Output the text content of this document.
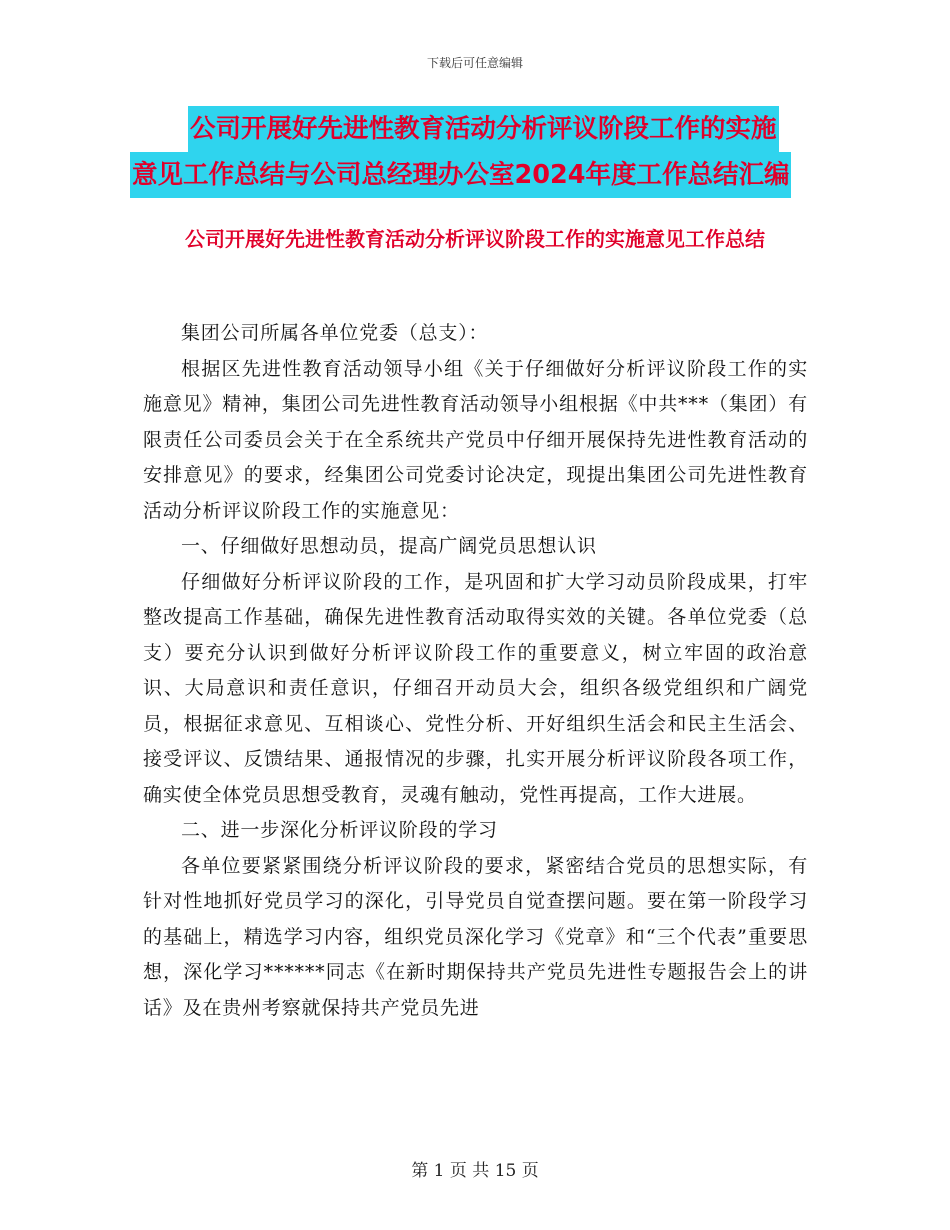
下载后可任意编辑
公司开展好先进性教育活动分析评议阶段工作的实施
意见工作总结与公司总经理办公室2024年度工作总结汇编
公司开展好先进性教育活动分析评议阶段工作的实施意见工作总结

集团公司所属各单位党委（总支）：

根据区先进性教育活动领导小组《关于仔细做好分析评议阶段工作的实施意见》精神，集团公司先进性教育活动领导小组根据《中共***（集团）有限责任公司委员会关于在全系统共产党员中仔细开展保持先进性教育活动的安排意见》的要求，经集团公司党委讨论决定，现提出集团公司先进性教育活动分析评议阶段工作的实施意见：

一、仔细做好思想动员，提高广阔党员思想认识

仔细做好分析评议阶段的工作，是巩固和扩大学习动员阶段成果，打牢整改提高工作基础，确保先进性教育活动取得实效的关键。各单位党委（总支）要充分认识到做好分析评议阶段工作的重要意义，树立牢固的政治意识、大局意识和责任意识，仔细召开动员大会，组织各级党组织和广阔党员，根据征求意见、互相谈心、党性分析、开好组织生活会和民主生活会、接受评议、反馈结果、通报情况的步骤，扎实开展分析评议阶段各项工作，确实使全体党员思想受教育，灵魂有触动，党性再提高，工作大进展。

二、进一步深化分析评议阶段的学习

各单位要紧紧围绕分析评议阶段的要求，紧密结合党员的思想实际，有针对性地抓好党员学习的深化，引导党员自觉查摆问题。要在第一阶段学习的基础上，精选学习内容，组织党员深化学习《党章》和“三个代表”重要思想，深化学习******同志《在新时期保持共产党员先进性专题报告会上的讲话》及在贵州考察就保持共产党员先进

第 1 页 共 15 页
